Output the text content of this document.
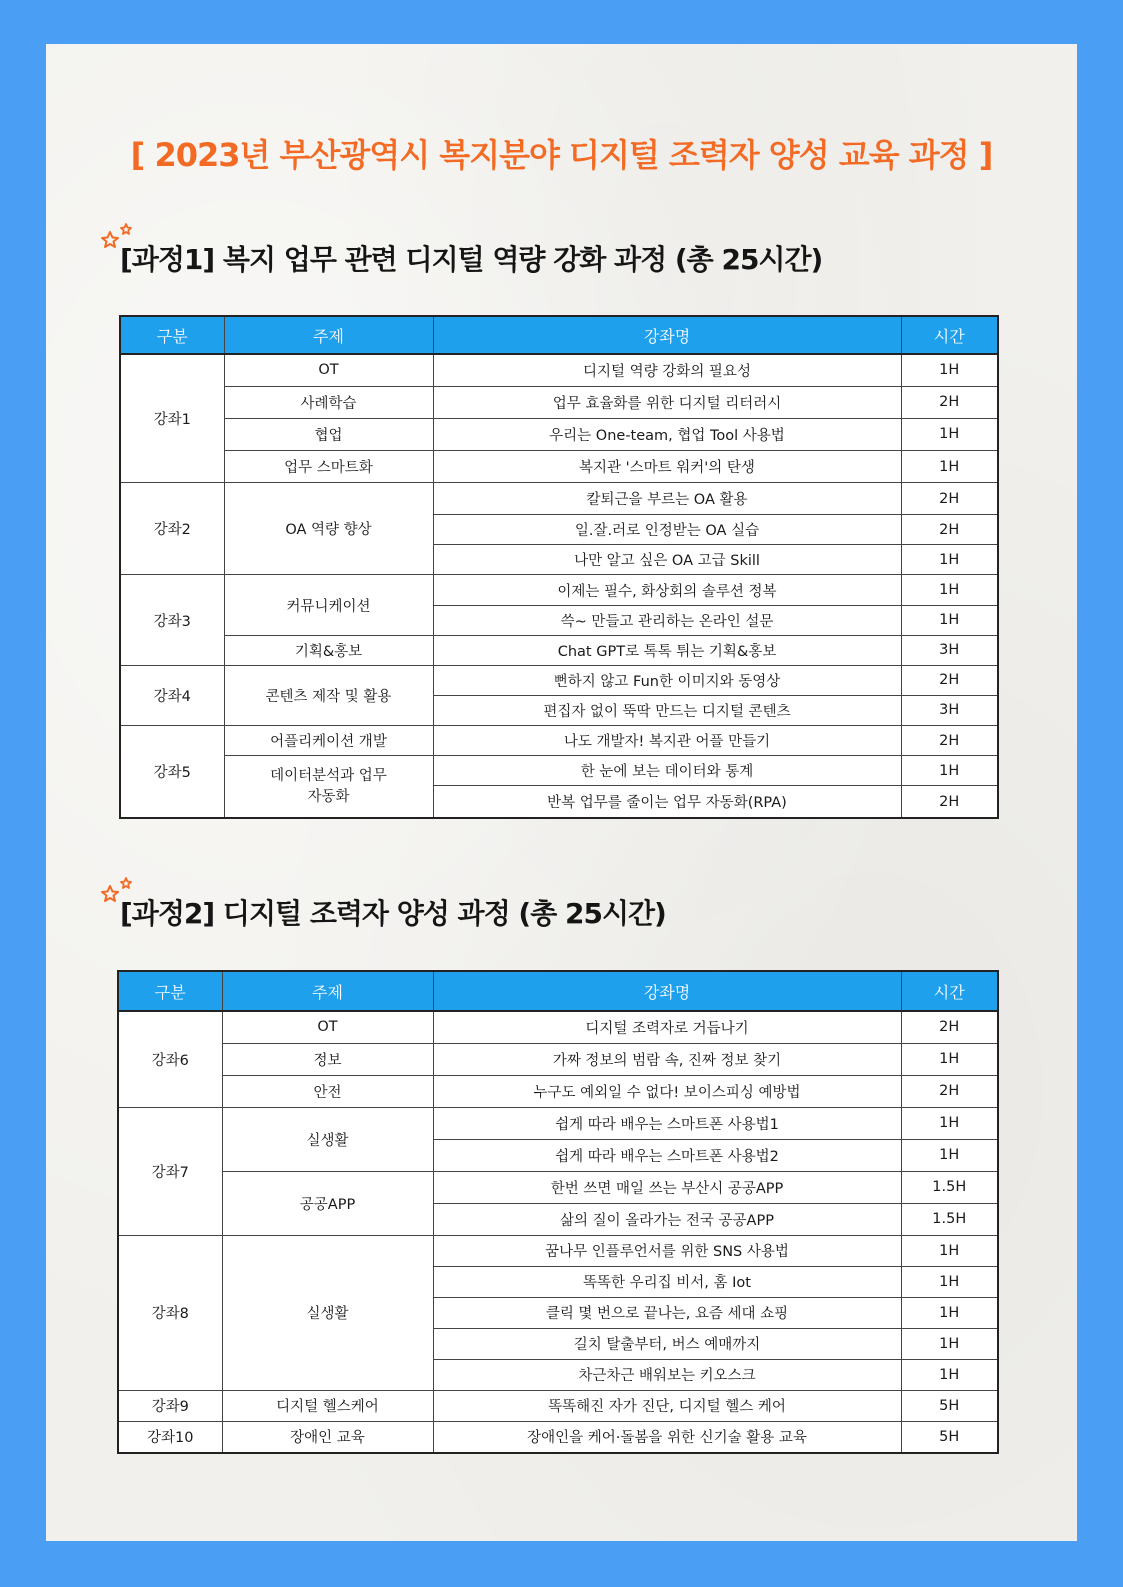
[ 2023년 부산광역시 복지분야 디지털 조력자 양성 교육 과정 ]
[과정1] 복지 업무 관련 디지털 역량 강화 과정 (총 25시간)
구분	주제	강좌명	시간
강좌1	OT	디지털 역량 강화의 필요성	1H
	사례학습	업무 효율화를 위한 디지털 리터러시	2H
	협업	우리는 One-team, 협업 Tool 사용법	1H
	업무 스마트화	복지관 '스마트 워커'의 탄생	1H
강좌2	OA 역량 향상	칼퇴근을 부르는 OA 활용	2H
		일.잘.러로 인정받는 OA 실습	2H
		나만 알고 싶은 OA 고급 Skill	1H
강좌3	커뮤니케이션	이제는 필수, 화상회의 솔루션 정복	1H
		쓱~ 만들고 관리하는 온라인 설문	1H
	기획&홍보	Chat GPT로 톡톡 튀는 기획&홍보	3H
강좌4	콘텐츠 제작 및 활용	뻔하지 않고 Fun한 이미지와 동영상	2H
		편집자 없이 뚝딱 만드는 디지털 콘텐츠	3H
강좌5	어플리케이션 개발	나도 개발자! 복지관 어플 만들기	2H
	데이터분석과 업무 자동화	한 눈에 보는 데이터와 통계	1H
		반복 업무를 줄이는 업무 자동화(RPA)	2H
[과정2] 디지털 조력자 양성 과정 (총 25시간)
구분	주제	강좌명	시간
강좌6	OT	디지털 조력자로 거듭나기	2H
	정보	가짜 정보의 범람 속, 진짜 정보 찾기	1H
	안전	누구도 예외일 수 없다! 보이스피싱 예방법	2H
강좌7	실생활	쉽게 따라 배우는 스마트폰 사용법1	1H
		쉽게 따라 배우는 스마트폰 사용법2	1H
	공공APP	한번 쓰면 매일 쓰는 부산시 공공APP	1.5H
		삶의 질이 올라가는 전국 공공APP	1.5H
강좌8	실생활	꿈나무 인플루언서를 위한 SNS 사용법	1H
		똑똑한 우리집 비서, 홈 Iot	1H
		클릭 몇 번으로 끝나는, 요즘 세대 쇼핑	1H
		길치 탈출부터, 버스 예매까지	1H
		차근차근 배워보는 키오스크	1H
강좌9	디지털 헬스케어	똑똑해진 자가 진단, 디지털 헬스 케어	5H
강좌10	장애인 교육	장애인을 케어·돌봄을 위한 신기술 활용 교육	5H
